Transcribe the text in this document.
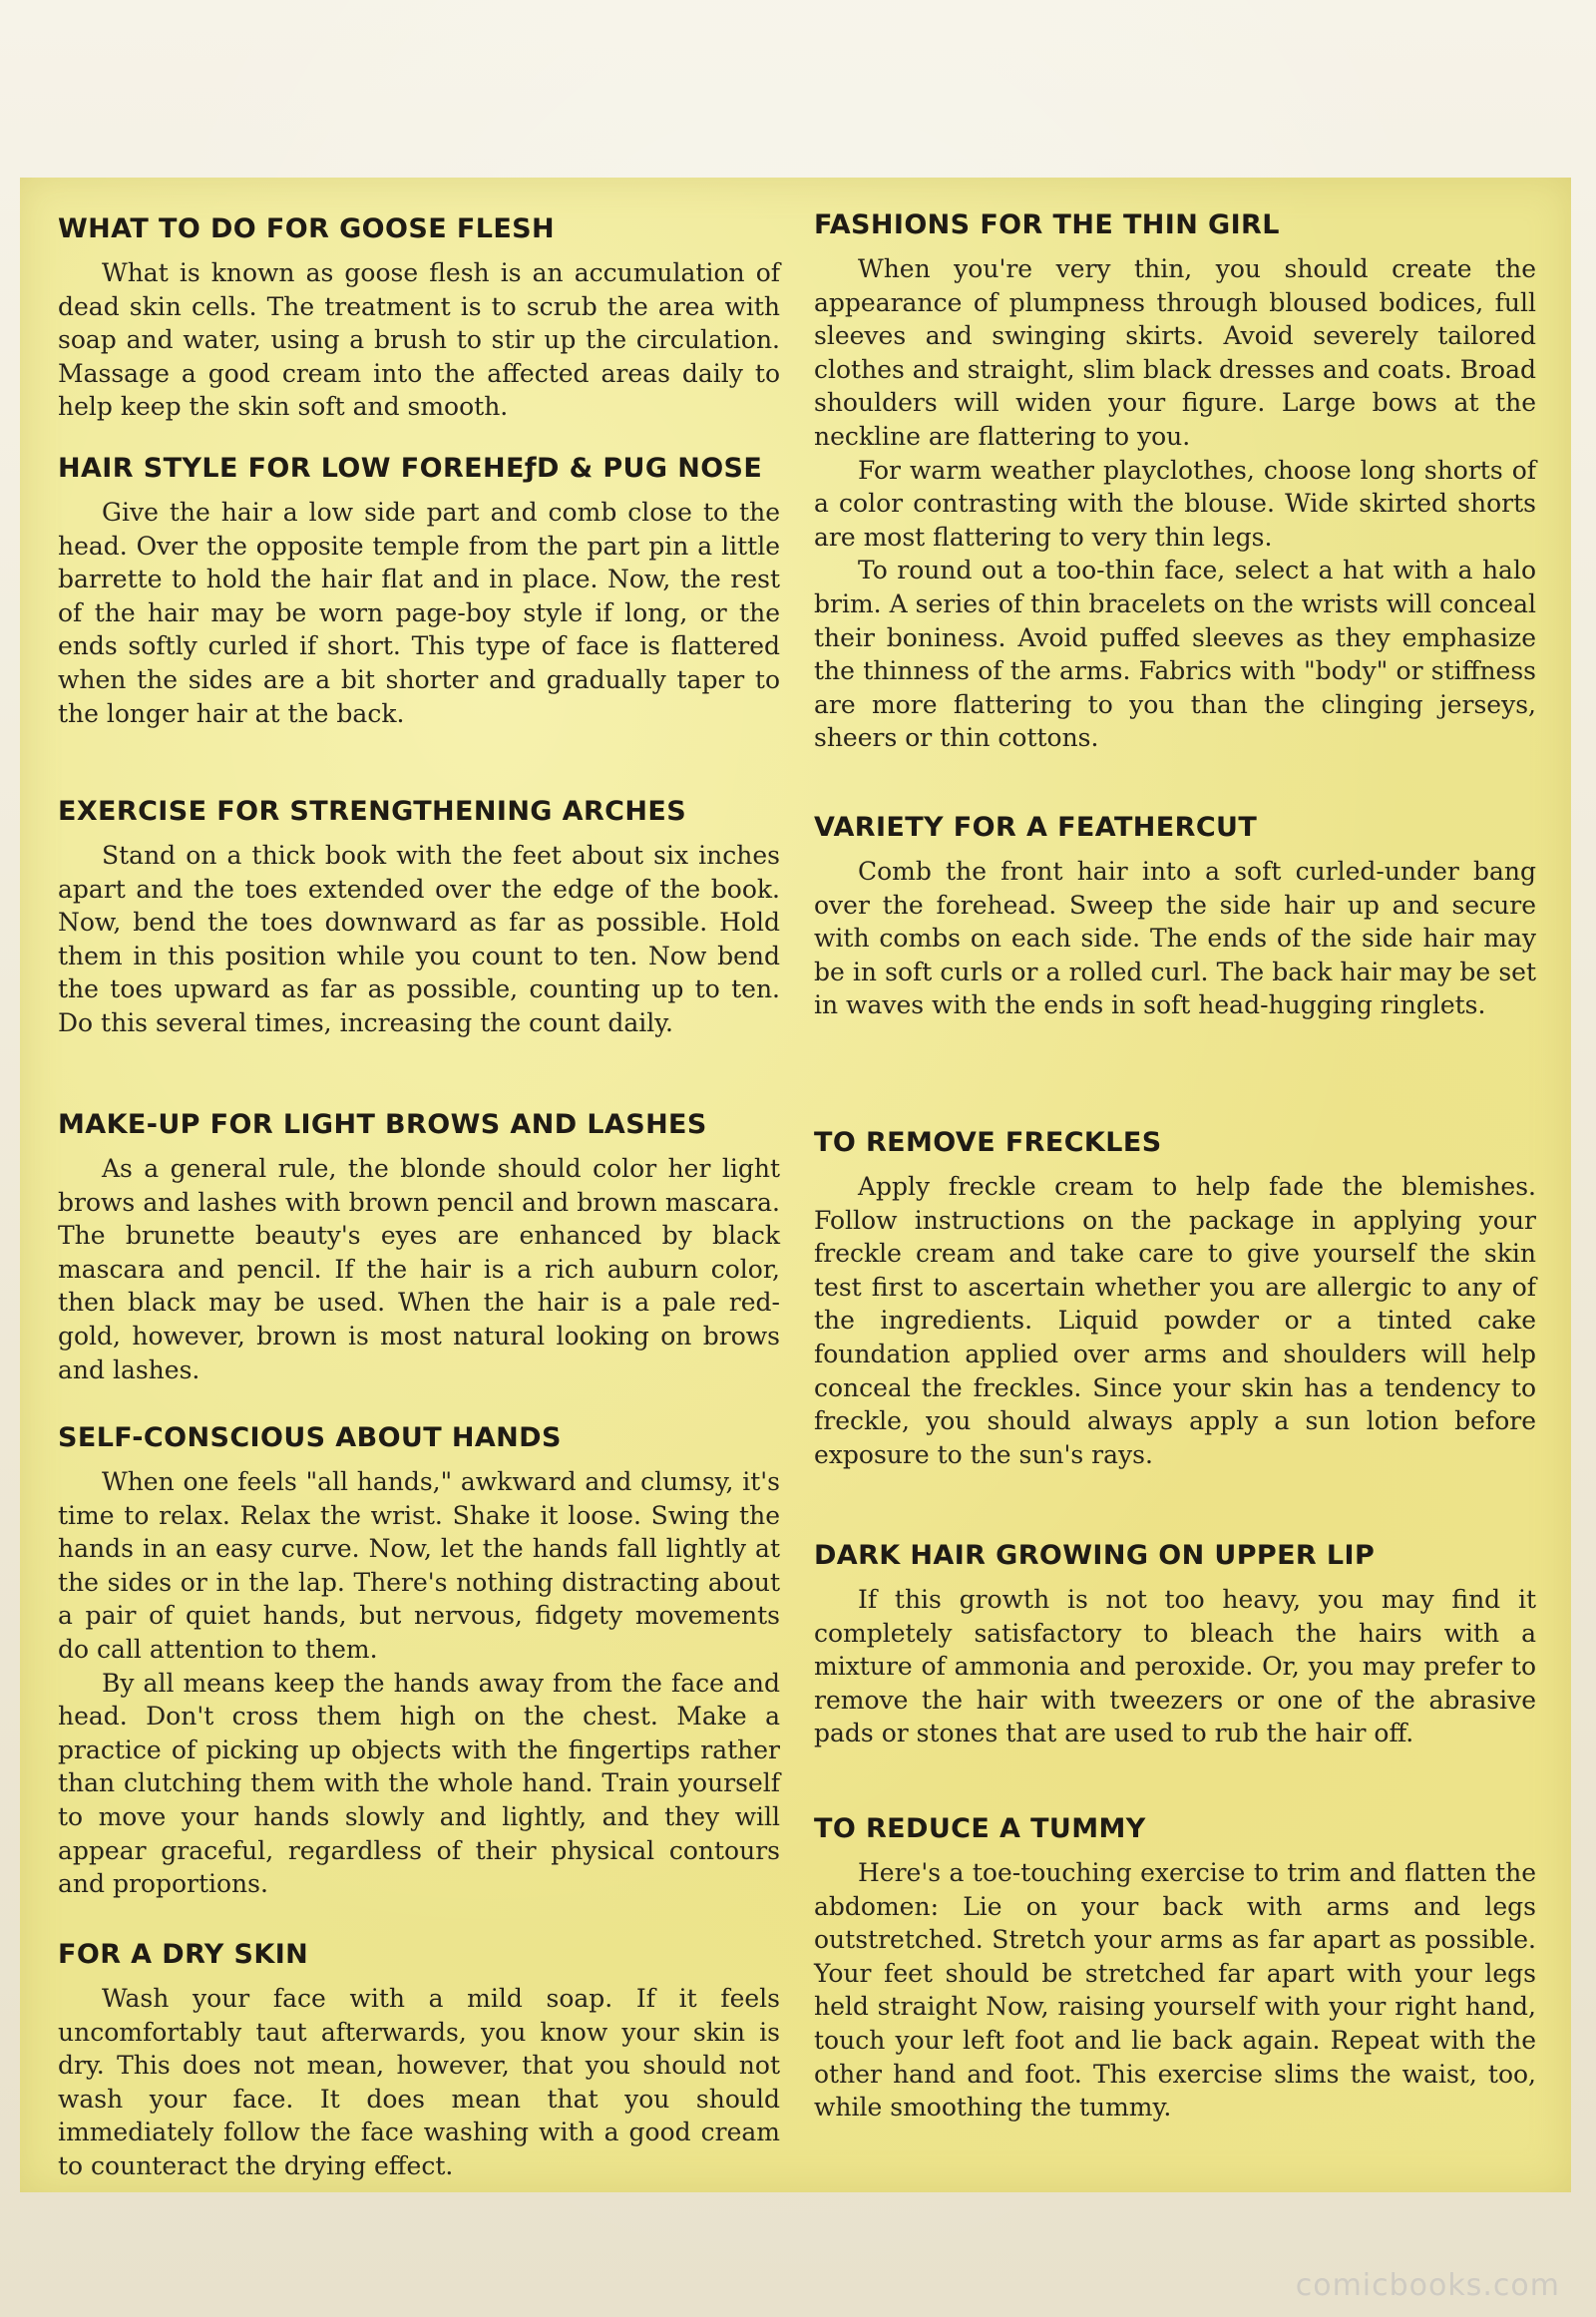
WHAT TO DO FOR GOOSE FLESH

What is known as goose flesh is an accumulation of dead skin cells. The treatment is to scrub the area with soap and water, using a brush to stir up the circulation. Massage a good cream into the affected areas daily to help keep the skin soft and smooth.

HAIR STYLE FOR LOW FOREHEƒD & PUG NOSE

Give the hair a low side part and comb close to the head. Over the opposite temple from the part pin a little barrette to hold the hair flat and in place. Now, the rest of the hair may be worn page-boy style if long, or the ends softly curled if short. This type of face is flattered when the sides are a bit shorter and gradually taper to the longer hair at the back.

EXERCISE FOR STRENGTHENING ARCHES

Stand on a thick book with the feet about six inches apart and the toes extended over the edge of the book. Now, bend the toes downward as far as possible. Hold them in this position while you count to ten. Now bend the toes upward as far as possible, counting up to ten. Do this several times, increasing the count daily.

MAKE-UP FOR LIGHT BROWS AND LASHES

As a general rule, the blonde should color her light brows and lashes with brown pencil and brown mascara. The brunette beauty's eyes are enhanced by black mascara and pencil. If the hair is a rich auburn color, then black may be used. When the hair is a pale red-gold, however, brown is most natural looking on brows and lashes.

SELF-CONSCIOUS ABOUT HANDS

When one feels "all hands," awkward and clumsy, it's time to relax. Relax the wrist. Shake it loose. Swing the hands in an easy curve. Now, let the hands fall lightly at the sides or in the lap. There's nothing distracting about a pair of quiet hands, but nervous, fidgety movements do call attention to them.

By all means keep the hands away from the face and head. Don't cross them high on the chest. Make a practice of picking up objects with the fingertips rather than clutching them with the whole hand. Train yourself to move your hands slowly and lightly, and they will appear graceful, regardless of their physical contours and proportions.

FOR A DRY SKIN

Wash your face with a mild soap. If it feels uncomfortably taut afterwards, you know your skin is dry. This does not mean, however, that you should not wash your face. It does mean that you should immediately follow the face washing with a good cream to counteract the drying effect.

FASHIONS FOR THE THIN GIRL

When you're very thin, you should create the appearance of plumpness through bloused bodices, full sleeves and swinging skirts. Avoid severely tailored clothes and straight, slim black dresses and coats. Broad shoulders will widen your figure. Large bows at the neckline are flattering to you.

For warm weather playclothes, choose long shorts of a color contrasting with the blouse. Wide skirted shorts are most flattering to very thin legs.

To round out a too-thin face, select a hat with a halo brim. A series of thin bracelets on the wrists will conceal their boniness. Avoid puffed sleeves as they emphasize the thinness of the arms. Fabrics with "body" or stiffness are more flattering to you than the clinging jerseys, sheers or thin cottons.

VARIETY FOR A FEATHERCUT

Comb the front hair into a soft curled-under bang over the forehead. Sweep the side hair up and secure with combs on each side. The ends of the side hair may be in soft curls or a rolled curl. The back hair may be set in waves with the ends in soft head-hugging ringlets.

TO REMOVE FRECKLES

Apply freckle cream to help fade the blemishes. Follow instructions on the package in applying your freckle cream and take care to give yourself the skin test first to ascertain whether you are allergic to any of the ingredients. Liquid powder or a tinted cake foundation applied over arms and shoulders will help conceal the freckles. Since your skin has a tendency to freckle, you should always apply a sun lotion before exposure to the sun's rays.

DARK HAIR GROWING ON UPPER LIP

If this growth is not too heavy, you may find it completely satisfactory to bleach the hairs with a mixture of ammonia and peroxide. Or, you may prefer to remove the hair with tweezers or one of the abrasive pads or stones that are used to rub the hair off.

TO REDUCE A TUMMY

Here's a toe-touching exercise to trim and flatten the abdomen: Lie on your back with arms and legs outstretched. Stretch your arms as far apart as possible. Your feet should be stretched far apart with your legs held straight Now, raising yourself with your right hand, touch your left foot and lie back again. Repeat with the other hand and foot. This exercise slims the waist, too, while smoothing the tummy.

comicbooks.com
